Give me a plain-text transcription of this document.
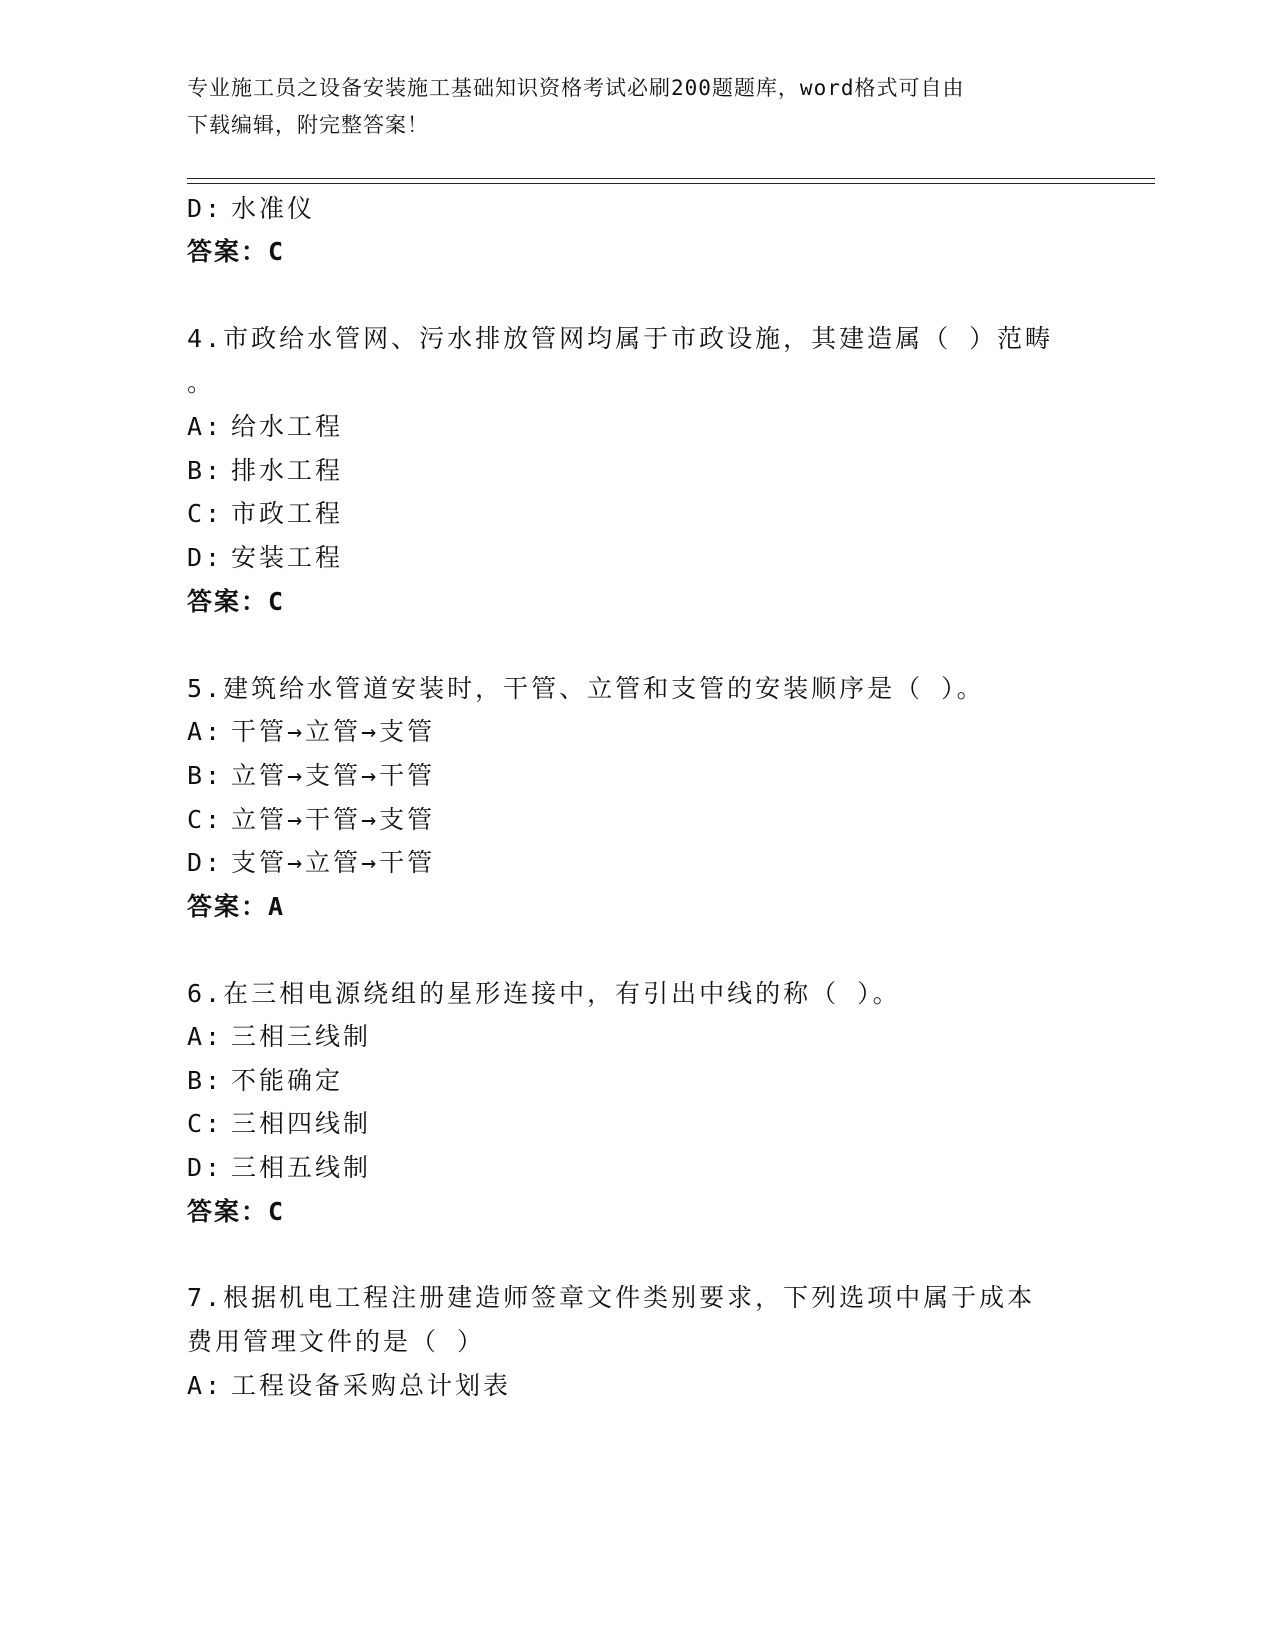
专业施工员之设备安装施工基础知识资格考试必刷200题题库，word格式可自由
下载编辑，附完整答案！
D: 水准仪
答案：C
4.市政给水管网、污水排放管网均属于市政设施，其建造属（ ）范畴
。
A: 给水工程
B: 排水工程
C: 市政工程
D: 安装工程
答案：C
5.建筑给水管道安装时，干管、立管和支管的安装顺序是（ ）。
A: 干管→立管→支管
B: 立管→支管→干管
C: 立管→干管→支管
D: 支管→立管→干管
答案：A
6.在三相电源绕组的星形连接中，有引出中线的称（ ）。
A: 三相三线制
B: 不能确定
C: 三相四线制
D: 三相五线制
答案：C
7.根据机电工程注册建造师签章文件类别要求，下列选项中属于成本
费用管理文件的是（ ）
A: 工程设备采购总计划表
